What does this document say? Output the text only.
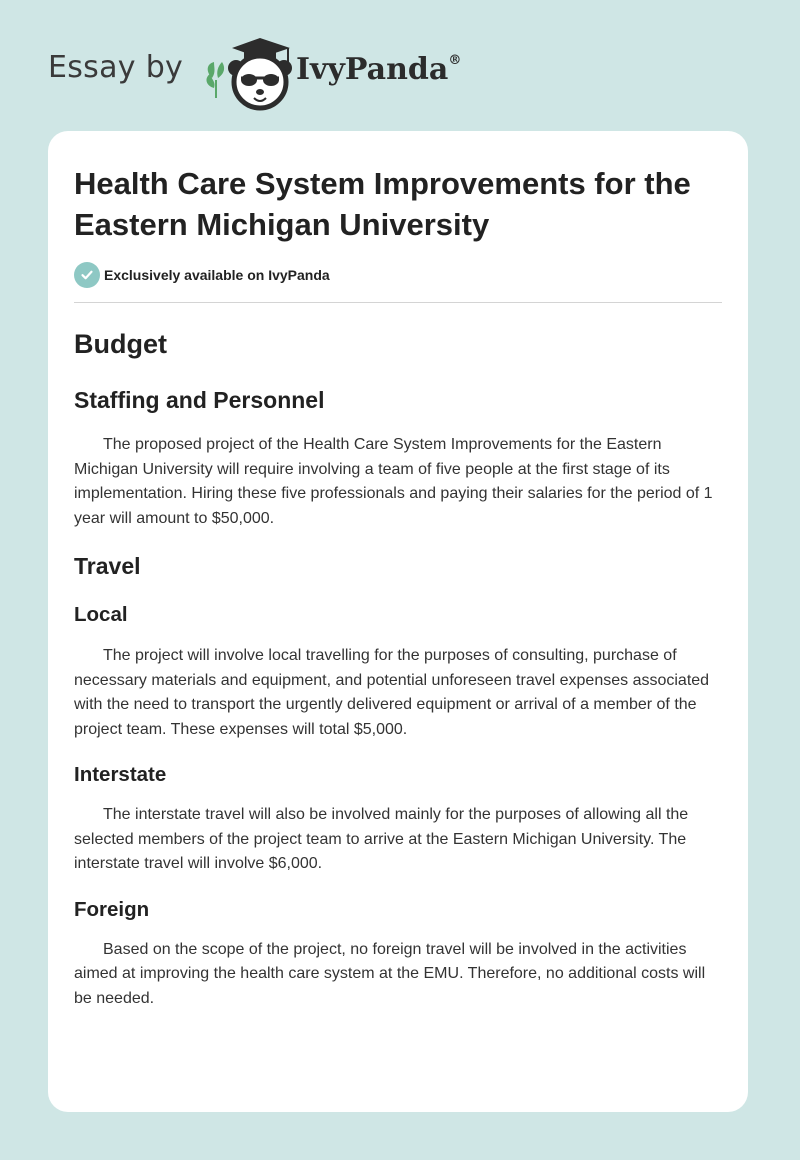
Essay by	IvyPanda®
Health Care System Improvements for the Eastern Michigan University
Exclusively available on IvyPanda
Budget
Staffing and Personnel

The proposed project of the Health Care System Improvements for the Eastern Michigan University will require involving a team of five people at the first stage of its implementation. Hiring these five professionals and paying their salaries for the period of 1 year will amount to $50,000.

Travel
Local

The project will involve local travelling for the purposes of consulting, purchase of necessary materials and equipment, and potential unforeseen travel expenses associated with the need to transport the urgently delivered equipment or arrival of a member of the project team. These expenses will total $5,000.

Interstate

The interstate travel will also be involved mainly for the purposes of allowing all the selected members of the project team to arrive at the Eastern Michigan University. The interstate travel will involve $6,000.

Foreign

Based on the scope of the project, no foreign travel will be involved in the activities aimed at improving the health care system at the EMU. Therefore, no additional costs will be needed.
